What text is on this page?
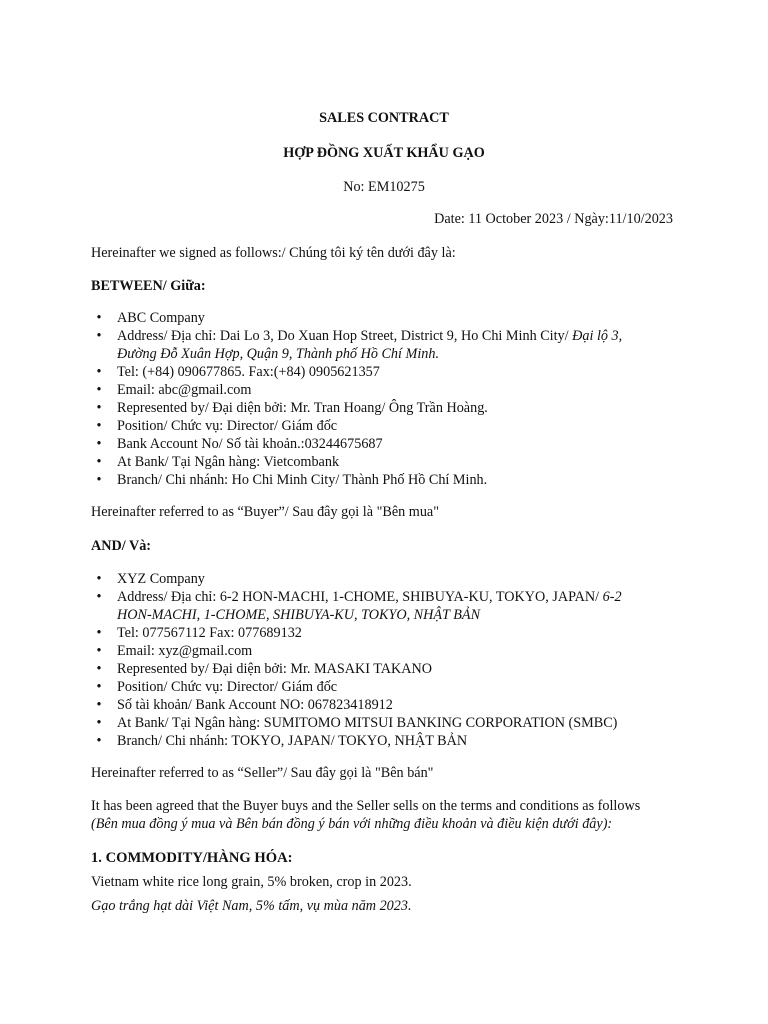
SALES CONTRACT
HỢP ĐỒNG XUẤT KHẨU GẠO
No: EM10275
Date: 11 October 2023 / Ngày:11/10/2023
Hereinafter we signed as follows:/ Chúng tôi ký tên dưới đây là:
BETWEEN/ Giữa:
• ABC Company
• Address/ Địa chỉ: Dai Lo 3, Do Xuan Hop Street, District 9, Ho Chi Minh City/ Đại lộ 3,
Đường Đỗ Xuân Hợp, Quận 9, Thành phố Hồ Chí Minh.
• Tel: (+84) 090677865. Fax:(+84) 0905621357
• Email: abc@gmail.com
• Represented by/ Đại diện bởi: Mr. Tran Hoang/ Ông Trần Hoàng.
• Position/ Chức vụ: Director/ Giám đốc
• Bank Account No/ Số tài khoản.:03244675687
• At Bank/ Tại Ngân hàng: Vietcombank
• Branch/ Chi nhánh: Ho Chi Minh City/ Thành Phố Hồ Chí Minh.
Hereinafter referred to as “Buyer”/ Sau đây gọi là "Bên mua"
AND/ Và:
• XYZ Company
• Address/ Địa chỉ: 6-2 HON-MACHI, 1-CHOME, SHIBUYA-KU, TOKYO, JAPAN/ 6-2
HON-MACHI, 1-CHOME, SHIBUYA-KU, TOKYO, NHẬT BẢN
• Tel: 077567112 Fax: 077689132
• Email: xyz@gmail.com
• Represented by/ Đại diện bởi: Mr. MASAKI TAKANO
• Position/ Chức vụ: Director/ Giám đốc
• Số tài khoản/ Bank Account NO: 067823418912
• At Bank/ Tại Ngân hàng: SUMITOMO MITSUI BANKING CORPORATION (SMBC)
• Branch/ Chi nhánh: TOKYO, JAPAN/ TOKYO, NHẬT BẢN
Hereinafter referred to as “Seller”/ Sau đây gọi là "Bên bán"
It has been agreed that the Buyer buys and the Seller sells on the terms and conditions as follows
(Bên mua đồng ý mua và Bên bán đồng ý bán với những điều khoản và điều kiện dưới đây):
1. COMMODITY/HÀNG HÓA:
Vietnam white rice long grain, 5% broken, crop in 2023.
Gạo trắng hạt dài Việt Nam, 5% tấm, vụ mùa năm 2023.
